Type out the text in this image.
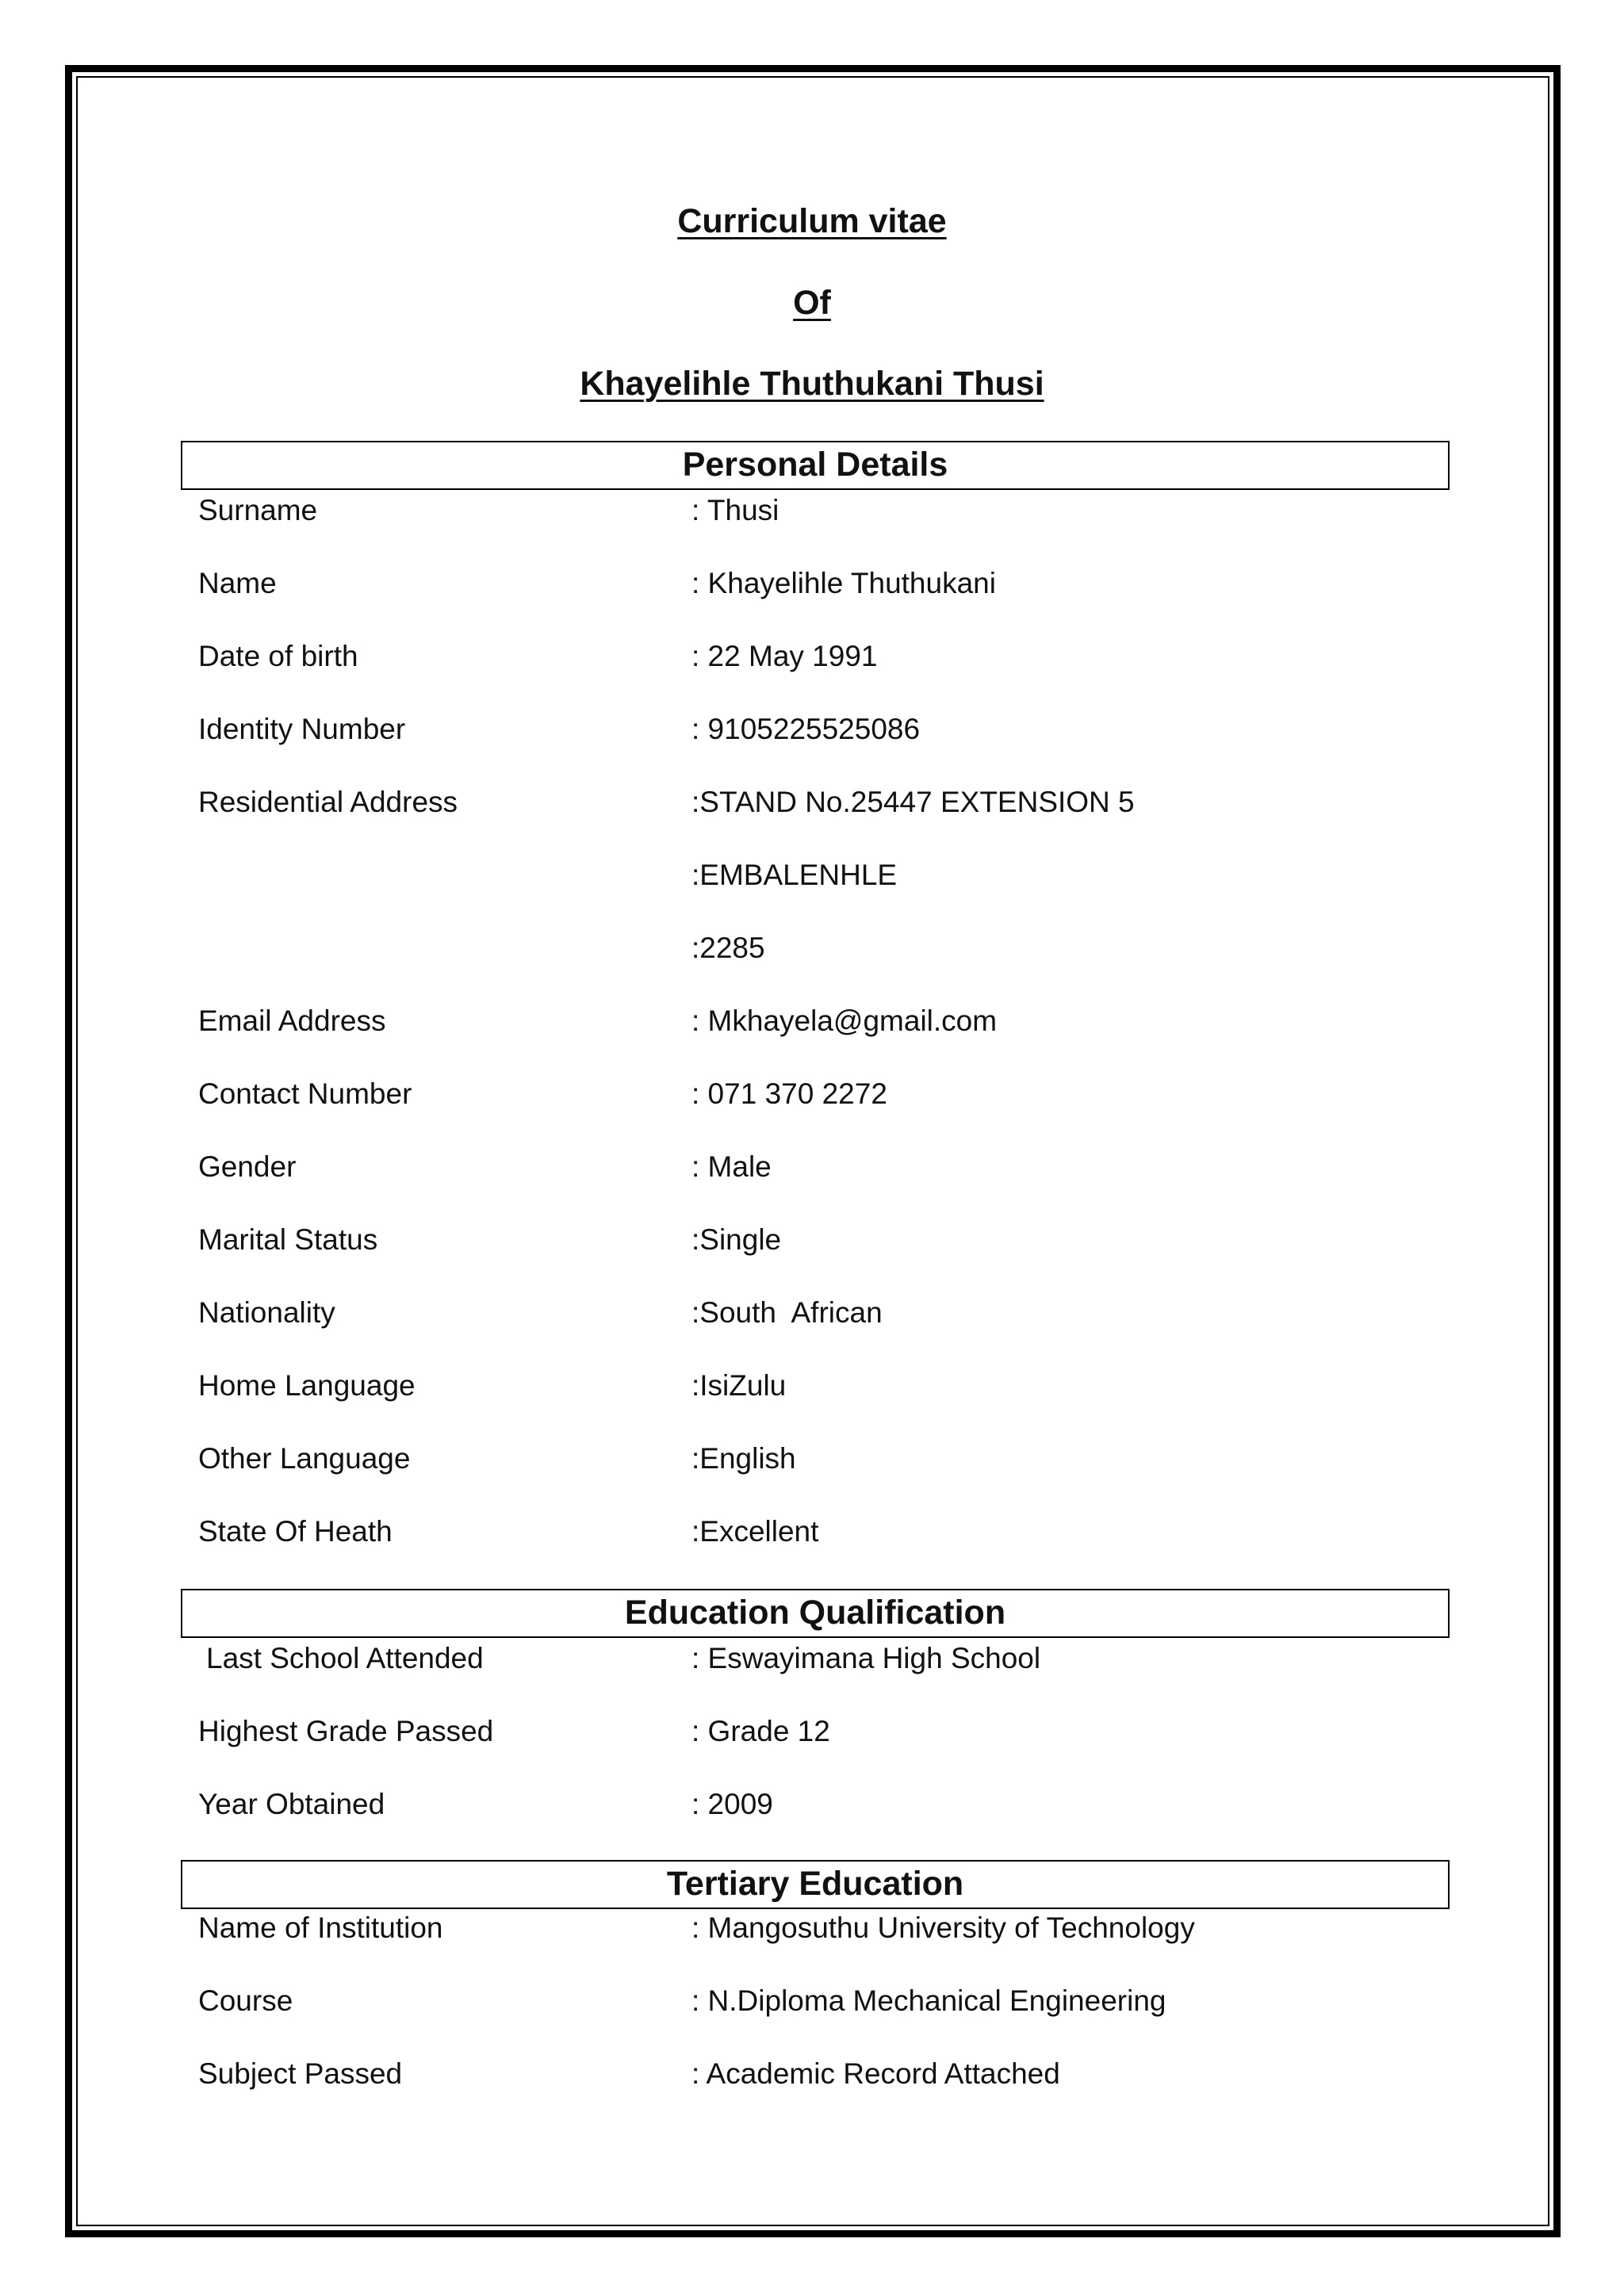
Curriculum vitae
Of
Khayelihle Thuthukani Thusi
Personal Details
Surname	: Thusi
Name	: Khayelihle Thuthukani
Date of birth	: 22 May 1991
Identity Number	: 9105225525086
Residential Address	:STAND No.25447 EXTENSION 5
:EMBALENHLE
:2285
Email Address	: Mkhayela@gmail.com
Contact Number	: 071 370 2272
Gender	: Male
Marital Status	:Single
Nationality	:South  African
Home Language	:IsiZulu
Other Language	:English
State Of Heath	:Excellent
Education Qualification
Last School Attended	: Eswayimana High School
Highest Grade Passed	: Grade 12
Year Obtained	: 2009
Tertiary Education
Name of Institution	: Mangosuthu University of Technology
Course	: N.Diploma Mechanical Engineering
Subject Passed	: Academic Record Attached
